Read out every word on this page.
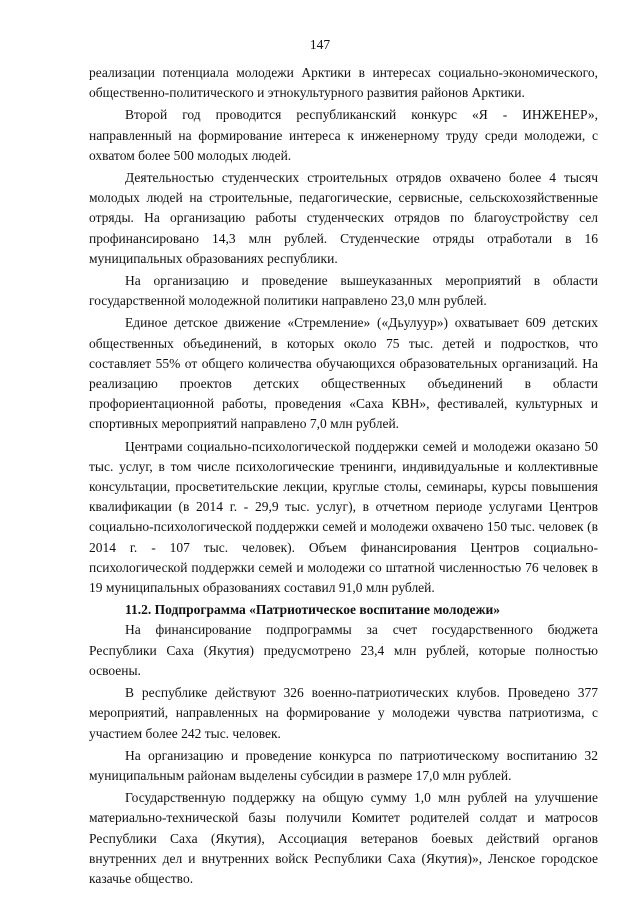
147

реализации потенциала молодежи Арктики в интересах социально-экономического, общественно-политического и этнокультурного развития районов Арктики.

Второй год проводится республиканский конкурс «Я - ИНЖЕНЕР», направленный на формирование интереса к инженерному труду среди молодежи, с охватом более 500 молодых людей.

Деятельностью студенческих строительных отрядов охвачено более 4 тысяч молодых людей на строительные, педагогические, сервисные, сельскохозяйственные отряды. На организацию работы студенческих отрядов по благоустройству сел профинансировано 14,3 млн рублей. Студенческие отряды отработали в 16 муниципальных образованиях республики.

На организацию и проведение вышеуказанных мероприятий в области государственной молодежной политики направлено 23,0 млн рублей.

Единое детское движение «Стремление» («Дьулуур») охватывает 609 детских общественных объединений, в которых около 75 тыс. детей и подростков, что составляет 55% от общего количества обучающихся образовательных организаций. На реализацию проектов детских общественных объединений в области профориентационной работы, проведения «Саха КВН», фестивалей, культурных и спортивных мероприятий направлено 7,0 млн рублей.

Центрами социально-психологической поддержки семей и молодежи оказано 50 тыс. услуг, в том числе психологические тренинги, индивидуальные и коллективные консультации, просветительские лекции, круглые столы, семинары, курсы повышения квалификации (в 2014 г. - 29,9 тыс. услуг), в отчетном периоде услугами Центров социально-психологической поддержки семей и молодежи охвачено 150 тыс. человек (в 2014 г. - 107 тыс. человек). Объем финансирования Центров социально-психологической поддержки семей и молодежи со штатной численностью 76 человек в 19 муниципальных образованиях составил 91,0 млн рублей.

11.2. Подпрограмма «Патриотическое воспитание молодежи»

На финансирование подпрограммы за счет государственного бюджета Республики Саха (Якутия) предусмотрено 23,4 млн рублей, которые полностью освоены.

В республике действуют 326 военно-патриотических клубов. Проведено 377 мероприятий, направленных на формирование у молодежи чувства патриотизма, с участием более 242 тыс. человек.

На организацию и проведение конкурса по патриотическому воспитанию 32 муниципальным районам выделены субсидии в размере 17,0 млн рублей.

Государственную поддержку на общую сумму 1,0 млн рублей на улучшение материально-технической базы получили Комитет родителей солдат и матросов Республики Саха (Якутия), Ассоциация ветеранов боевых действий органов внутренних дел и внутренних войск Республики Саха (Якутия)», Ленское городское казачье общество.
